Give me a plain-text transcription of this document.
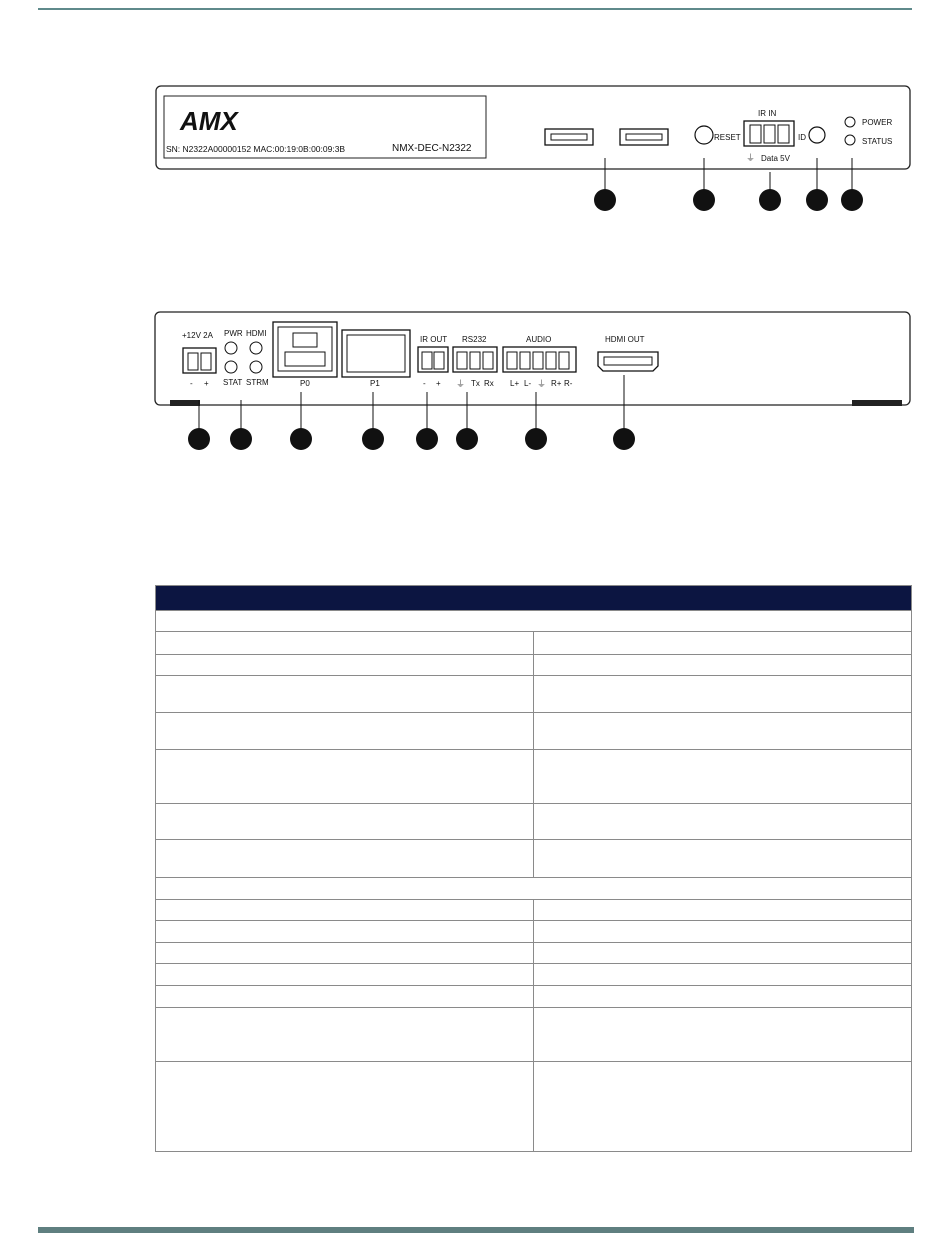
AMX
SN: N2322A00000152 MAC:00:19:0B:00:09:3B	NMX-DEC-N2322
RESET
IR IN
⏚ Data 5V
ID
POWER
STATUS
+12V 2A
- +
PWR HDMI
STAT STRM	P0	P1
IR OUT
- +
RS232
⏚ Tx Rx
AUDIO
L+ L- ⏚ R+ R-
HDMI OUT
